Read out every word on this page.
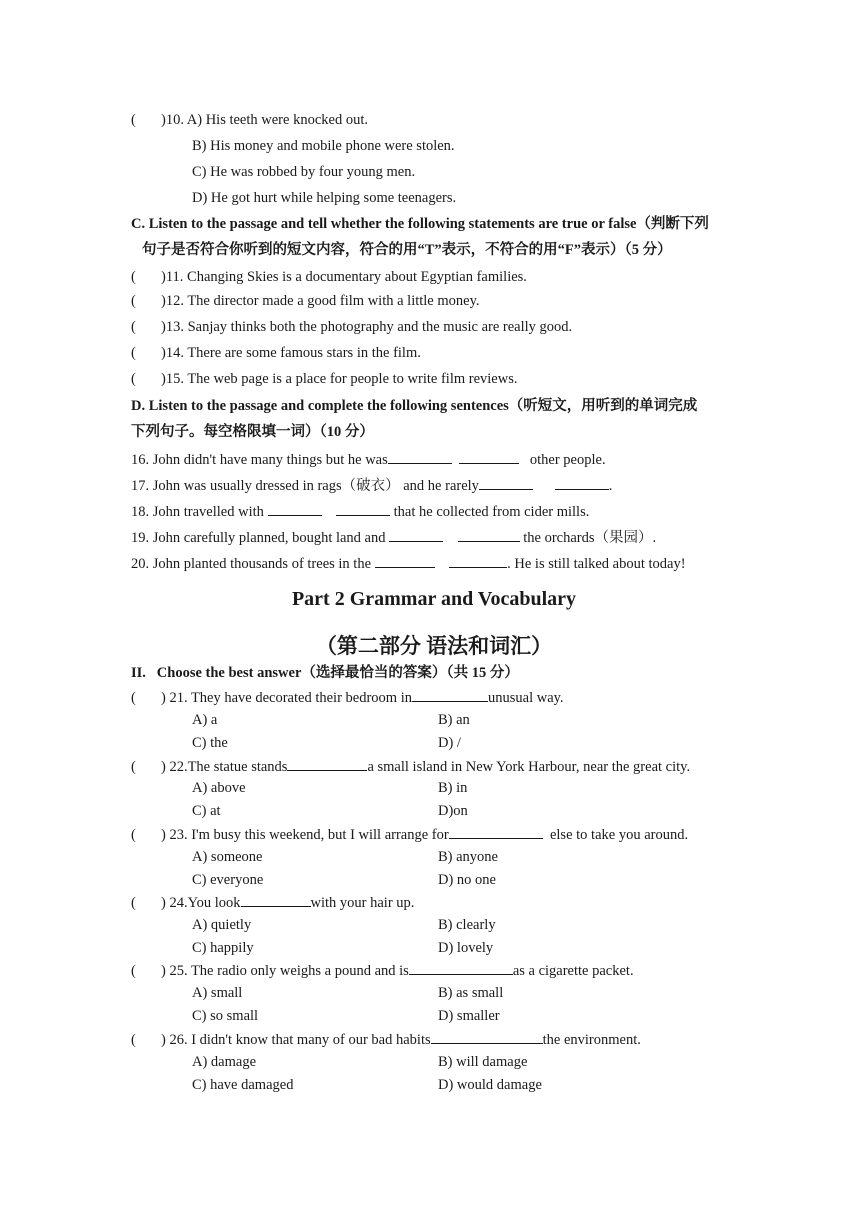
( )10. A) His teeth were knocked out.
B) His money and mobile phone were stolen.
C) He was robbed by four young men.
D) He got hurt while helping some teenagers.
C. Listen to the passage and tell whether the following statements are true or false（判断下列
句子是否符合你听到的短文内容，符合的用“T”表示，不符合的用“F”表示）（5 分）
( )11. Changing Skies is a documentary about Egyptian families.
( )12. The director made a good film with a little money.
( )13. Sanjay thinks both the photography and the music are really good.
( )14. There are some famous stars in the film.
( )15. The web page is a place for people to write film reviews.
D. Listen to the passage and complete the following sentences（听短文，用听到的单词完成
下列句子。每空格限填一词）（10 分）
16. John didn't have many things but he was	other people.
17. John was usually dressed in rags（破衣） and he rarely	.
18. John travelled with	that he collected from cider mills.
19. John carefully planned, bought land and	the orchards（果园）.
20. John planted thousands of trees in the	. He is still talked about today!
Part 2 Grammar and Vocabulary
（第二部分 语法和词汇）
II. Choose the best answer（选择最恰当的答案）（共 15 分）
( ) 21. They have decorated their bedroom in	unusual way.
A) a	B) an
C) the	D) /
( ) 22.The statue stands	a small island in New York Harbour, near the great city.
A) above	B) in
C) at	D)on
( ) 23. I'm busy this weekend, but I will arrange for	else to take you around.
A) someone	B) anyone
C) everyone	D) no one
( ) 24.You look	with your hair up.
A) quietly	B) clearly
C) happily	D) lovely
( ) 25. The radio only weighs a pound and is	as a cigarette packet.
A) small	B) as small
C) so small	D) smaller
( ) 26. I didn't know that many of our bad habits	the environment.
A) damage	B) will damage
C) have damaged	D) would damage
